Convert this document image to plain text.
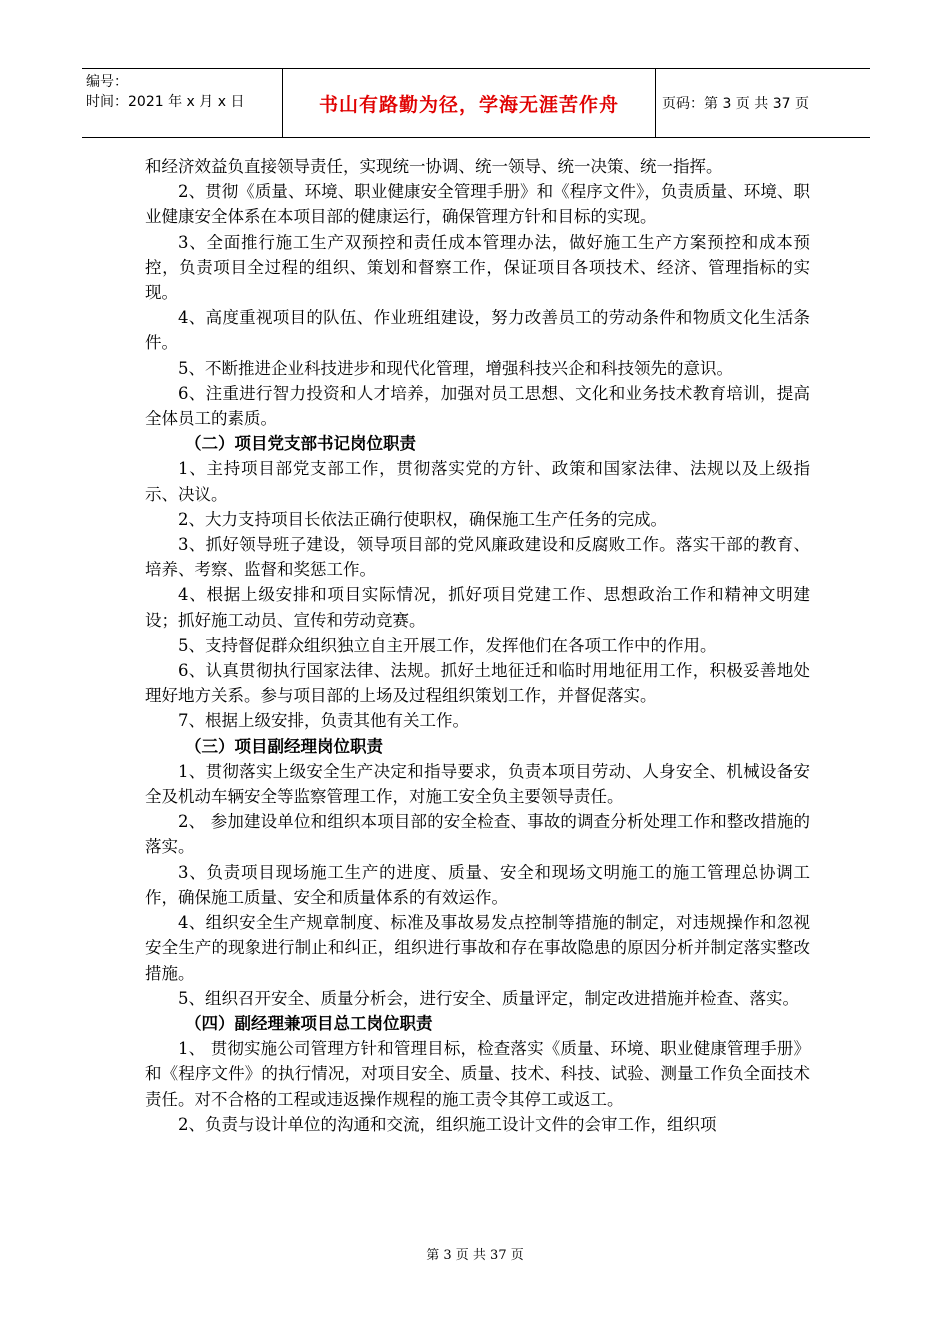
编号：
时间：2021 年 x 月 x 日	书山有路勤为径，学海无涯苦作舟	页码：第 3 页 共 37 页

和经济效益负直接领导责任，实现统一协调、统一领导、统一决策、统一指挥。

2、贯彻《质量、环境、职业健康安全管理手册》和《程序文件》，负责质量、环境、职业健康安全体系在本项目部的健康运行，确保管理方针和目标的实现。

3、全面推行施工生产双预控和责任成本管理办法，做好施工生产方案预控和成本预控，负责项目全过程的组织、策划和督察工作，保证项目各项技术、经济、管理指标的实现。

4、高度重视项目的队伍、作业班组建设，努力改善员工的劳动条件和物质文化生活条件。

5、不断推进企业科技进步和现代化管理，增强科技兴企和科技领先的意识。

6、注重进行智力投资和人才培养，加强对员工思想、文化和业务技术教育培训，提高全体员工的素质。

（二）项目党支部书记岗位职责

1、主持项目部党支部工作，贯彻落实党的方针、政策和国家法律、法规以及上级指示、决议。

2、大力支持项目长依法正确行使职权，确保施工生产任务的完成。

3、抓好领导班子建设，领导项目部的党风廉政建设和反腐败工作。落实干部的教育、培养、考察、监督和奖惩工作。

4、根据上级安排和项目实际情况，抓好项目党建工作、思想政治工作和精神文明建设；抓好施工动员、宣传和劳动竞赛。

5、支持督促群众组织独立自主开展工作，发挥他们在各项工作中的作用。

6、认真贯彻执行国家法律、法规。抓好土地征迁和临时用地征用工作，积极妥善地处理好地方关系。参与项目部的上场及过程组织策划工作，并督促落实。

7、根据上级安排，负责其他有关工作。

（三）项目副经理岗位职责

1、贯彻落实上级安全生产决定和指导要求，负责本项目劳动、人身安全、机械设备安全及机动车辆安全等监察管理工作，对施工安全负主要领导责任。

2、 参加建设单位和组织本项目部的安全检查、事故的调查分析处理工作和整改措施的落实。

3、负责项目现场施工生产的进度、质量、安全和现场文明施工的施工管理总协调工作，确保施工质量、安全和质量体系的有效运作。

4、组织安全生产规章制度、标准及事故易发点控制等措施的制定，对违规操作和忽视安全生产的现象进行制止和纠正，组织进行事故和存在事故隐患的原因分析并制定落实整改措施。

5、组织召开安全、质量分析会，进行安全、质量评定，制定改进措施并检查、落实。

（四）副经理兼项目总工岗位职责

1、 贯彻实施公司管理方针和管理目标，检查落实《质量、环境、职业健康管理手册》和《程序文件》的执行情况，对项目安全、质量、技术、科技、试验、测量工作负全面技术责任。对不合格的工程或违返操作规程的施工责令其停工或返工。

2、负责与设计单位的沟通和交流，组织施工设计文件的会审工作，组织项

第 3 页 共 37 页
